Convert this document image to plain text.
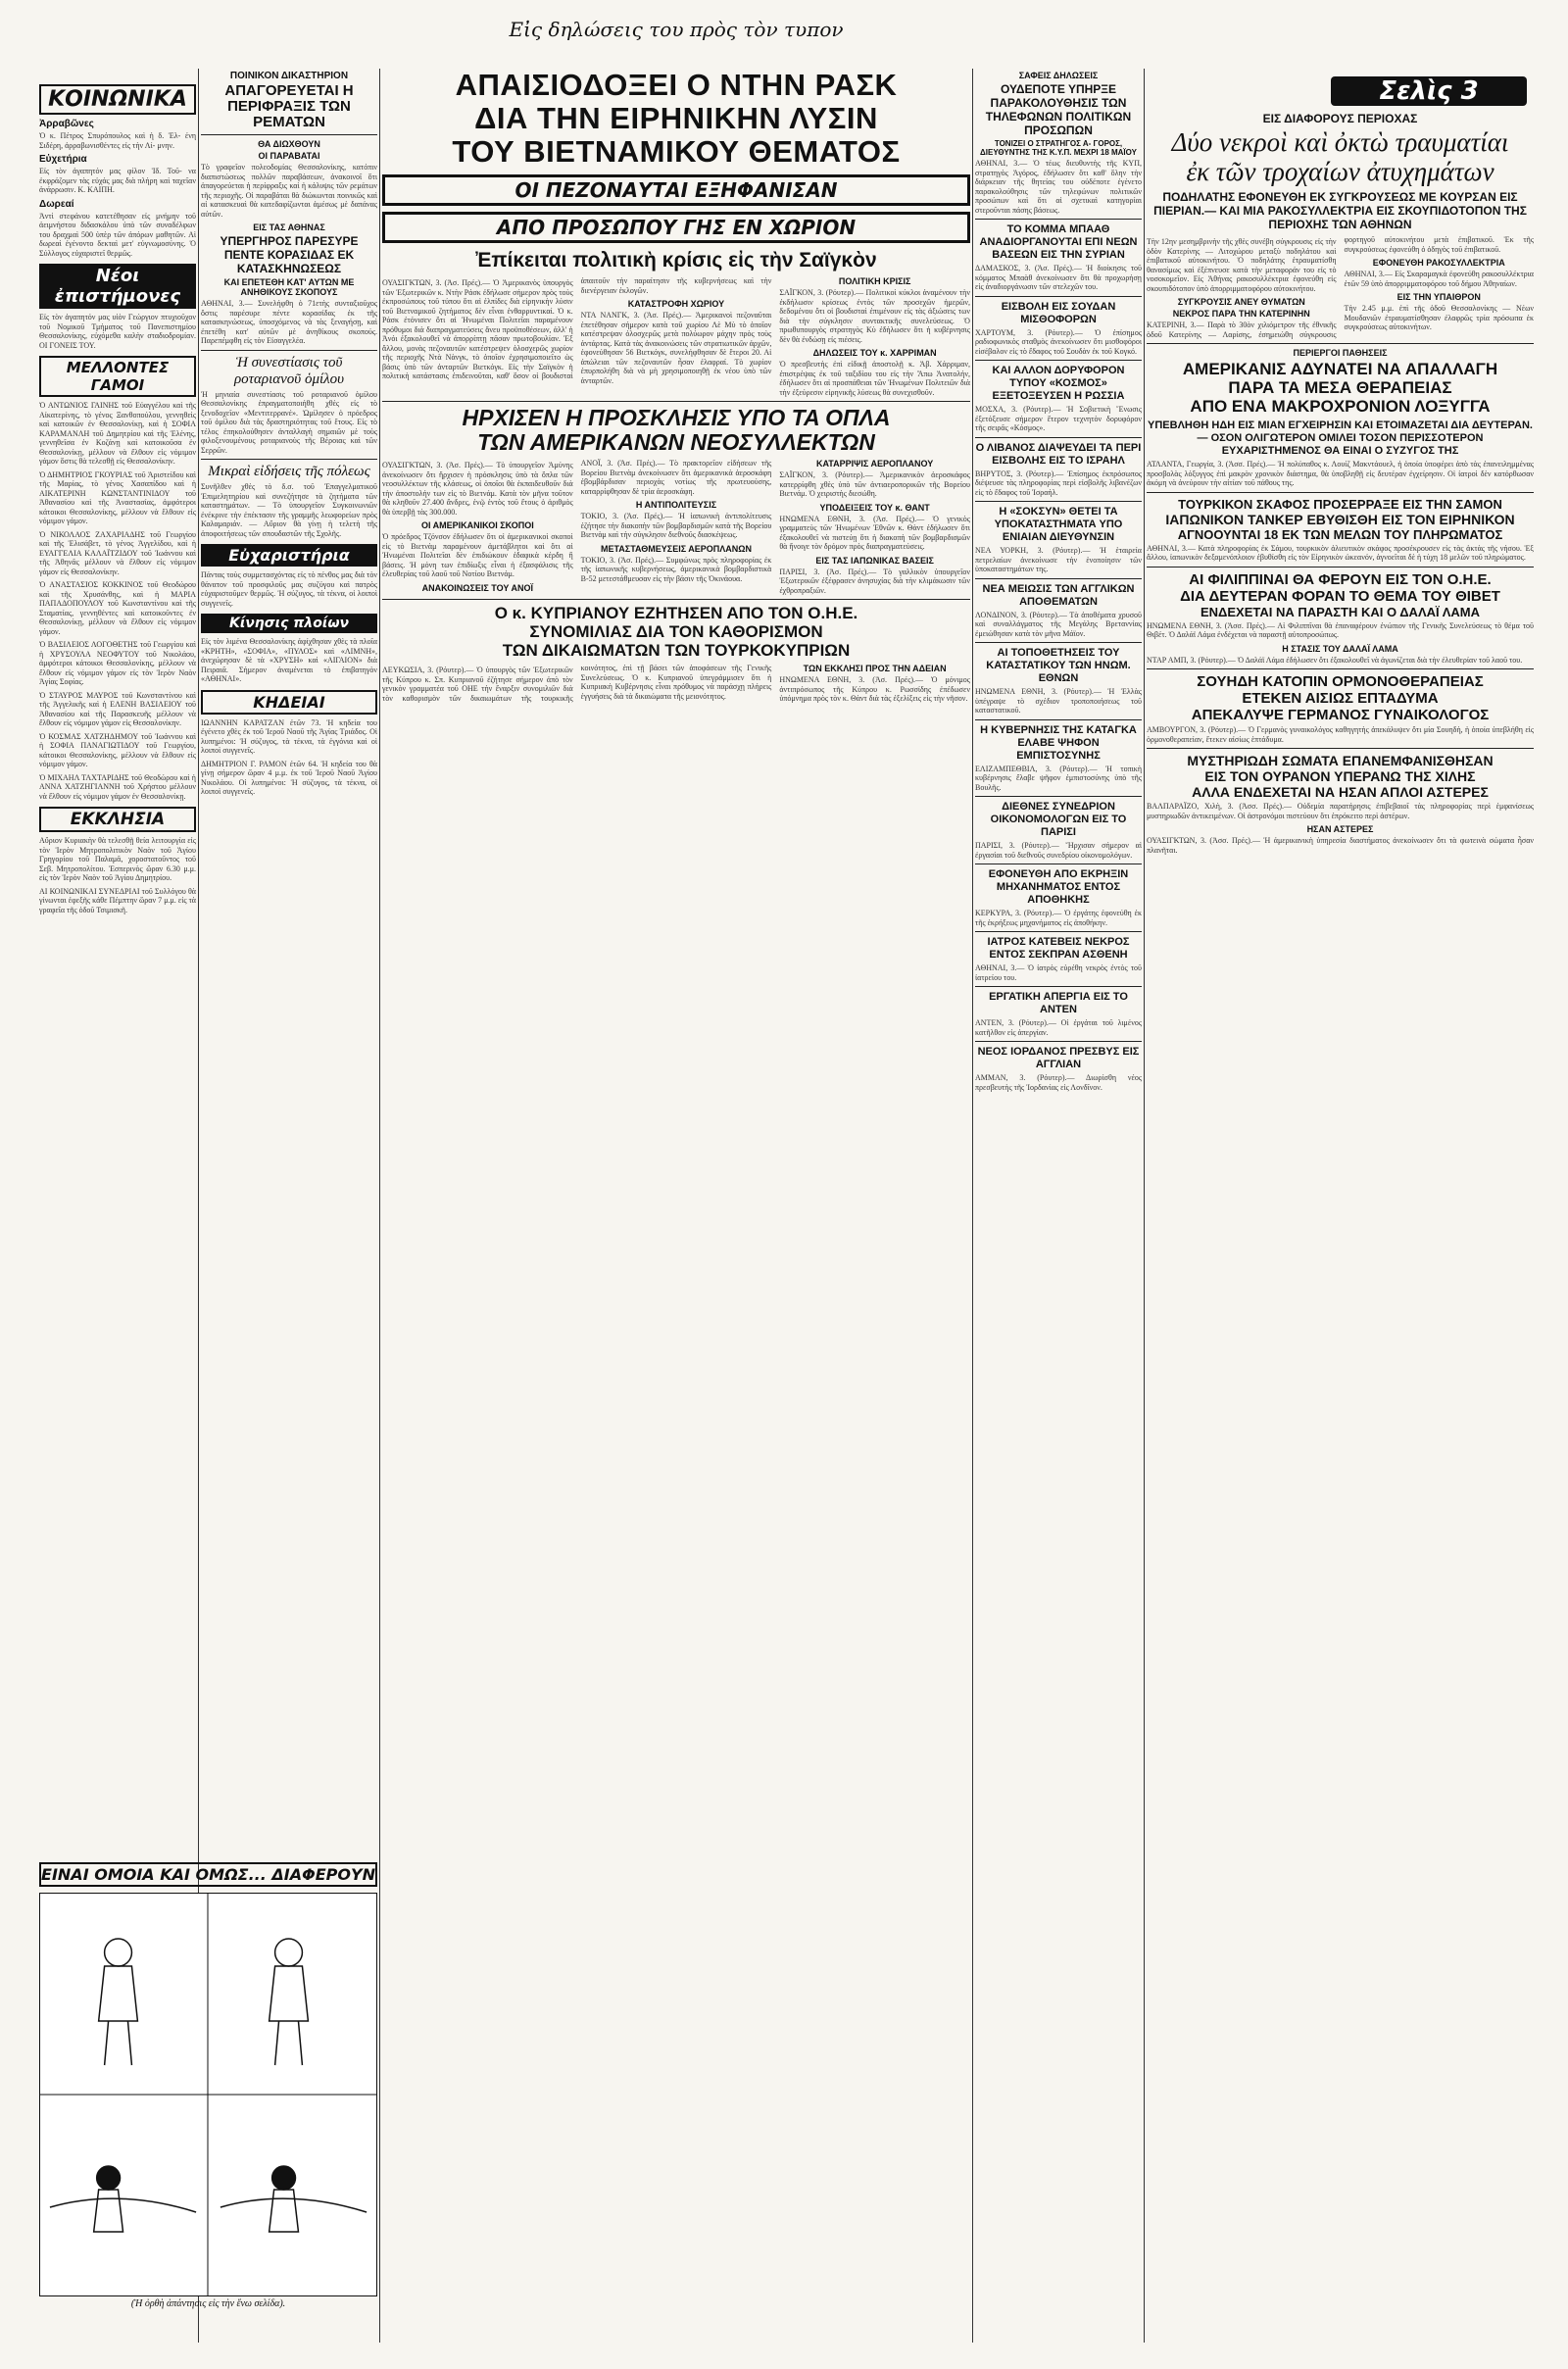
Εἰς δηλώσεις του πρὸς τὸν τυπον
Σελὶς 3
ΚΟΙΝΩΝΙΚΑ
Ἀρραβῶνες

Ὁ κ. Πέτρος Σπυρόπουλος καὶ ἡ δ. Ἐλ- ένη Σιδέρη, ἀρραβωνισθέντες εἰς τὴν Λί- μνην.

Εὐχετήρια

Εἰς τὸν ἀγαπητόν μας φίλον Ἰδ. Τοῦ- να ἐκφράζομεν τὰς εὐχάς μας διὰ πλήρη καὶ ταχεῖαν ἀνάρρωσιν. Κ. ΚΑΙΠΗ.

Δωρεαί

Ἀντὶ στεφάνου κατετέθησαν εἰς μνήμην τοῦ ἀειμνήστου διδασκάλου ὑπὸ τῶν συναδέλφων του δραχμαὶ 500 ὑπὲρ τῶν ἀπόρων μαθητῶν. Αἱ δωρεαὶ ἐγένοντο δεκταὶ μετ' εὐγνωμοσύνης. Ὁ Σύλλογος εὐχαριστεῖ θερμῶς.

Νέοι ἐπιστήμονες

Εἰς τὸν ἀγαπητόν μας υἱὸν Γεώργιον πτυχιοῦχον τοῦ Νομικοῦ Τμήματος τοῦ Πανεπιστημίου Θεσσαλονίκης, εὐχόμεθα καλὴν σταδιοδρομίαν. ΟΙ ΓΟΝΕΙΣ ΤΟΥ.

ΜΕΛΛΟΝΤΕΣ ΓΑΜΟΙ

Ὁ ΑΝΤΩΝΙΟΣ ΓΑΙΝΗΣ τοῦ Εὐαγγέλου καὶ τῆς Αἰκατερίνης, τὸ γένος Ξανθοπούλου, γεννηθεὶς καὶ κατοικῶν ἐν Θεσσαλονίκῃ, καὶ ἡ ΣΟΦΙΑ ΚΑΡΑΜΑΝΛΗ τοῦ Δημητρίου καὶ τῆς Ἑλένης, γεννηθεῖσα ἐν Κοζάνῃ καὶ κατοικοῦσα ἐν Θεσσαλονίκῃ, μέλλουν νὰ ἔλθουν εἰς νόμιμον γάμον ὅστις θὰ τελεσθῇ εἰς Θεσσαλονίκην.

Ὁ ΔΗΜΗΤΡΙΟΣ ΓΚΟΥΡΙΑΣ τοῦ Ἀριστείδου καὶ τῆς Μαρίας, τὸ γένος Χασαπίδου καὶ ἡ ΑΙΚΑΤΕΡΙΝΗ ΚΩΝΣΤΑΝΤΙΝΙΔΟΥ τοῦ Ἀθανασίου καὶ τῆς Ἀναστασίας, ἀμφότεροι κάτοικοι Θεσσαλονίκης, μέλλουν νὰ ἔλθουν εἰς νόμιμον γάμον.

Ὁ ΝΙΚΟΛΑΟΣ ΖΑΧΑΡΙΑΔΗΣ τοῦ Γεωργίου καὶ τῆς Ἑλισάβετ, τὸ γένος Ἀγγελίδου, καὶ ἡ ΕΥΑΓΓΕΛΙΑ ΚΑΛΑΪΤΖΙΔΟΥ τοῦ Ἰωάννου καὶ τῆς Ἀθηνᾶς μέλλουν νὰ ἔλθουν εἰς νόμιμον γάμον εἰς Θεσσαλονίκην.

Ὁ ΑΝΑΣΤΑΣΙΟΣ ΚΟΚΚΙΝΟΣ τοῦ Θεοδώρου καὶ τῆς Χρυσάνθης, καὶ ἡ ΜΑΡΙΑ ΠΑΠΑΔΟΠΟΥΛΟΥ τοῦ Κωνσταντίνου καὶ τῆς Σταματίας, γεννηθέντες καὶ κατοικοῦντες ἐν Θεσσαλονίκῃ, μέλλουν νὰ ἔλθουν εἰς νόμιμον γάμον.

Ὁ ΒΑΣΙΛΕΙΟΣ ΛΟΓΟΘΕΤΗΣ τοῦ Γεωργίου καὶ ἡ ΧΡΥΣΟΥΛΑ ΝΕΟΦΥΤΟΥ τοῦ Νικολάου, ἀμφότεροι κάτοικοι Θεσσαλονίκης, μέλλουν νὰ ἔλθουν εἰς νόμιμον γάμον εἰς τὸν Ἱερὸν Ναὸν Ἁγίας Σοφίας.

Ὁ ΣΤΑΥΡΟΣ ΜΑΥΡΟΣ τοῦ Κωνσταντίνου καὶ τῆς Ἀγγελικῆς καὶ ἡ ΕΛΕΝΗ ΒΑΣΙΛΕΙΟΥ τοῦ Ἀθανασίου καὶ τῆς Παρασκευῆς μέλλουν νὰ ἔλθουν εἰς νόμιμον γάμον εἰς Θεσσαλονίκην.

Ὁ ΚΟΣΜΑΣ ΧΑΤΖΗΔΗΜΟΥ τοῦ Ἰωάννου καὶ ἡ ΣΟΦΙΑ ΠΑΝΑΓΙΩΤΙΔΟΥ τοῦ Γεωργίου, κάτοικοι Θεσσαλονίκης, μέλλουν νὰ ἔλθουν εἰς νόμιμον γάμον.

Ὁ ΜΙΧΑΗΛ ΤΑΧΤΑΡΙΔΗΣ τοῦ Θεοδώρου καὶ ἡ ΑΝΝΑ ΧΑΤΖΗΓΙΑΝΝΗ τοῦ Χρήστου μέλλουν νὰ ἔλθουν εἰς νόμιμον γάμον ἐν Θεσσαλονίκῃ.

ΕΚΚΛΗΣΙΑ

Αὔριον Κυριακὴν θὰ τελεσθῇ θεία λειτουργία εἰς τὸν Ἱερὸν Μητροπολιτικὸν Ναὸν τοῦ Ἁγίου Γρηγορίου τοῦ Παλαμᾶ, χοροστατοῦντος τοῦ Σεβ. Μητροπολίτου. Ἑσπερινὸς ὥραν 6.30 μ.μ. εἰς τὸν Ἱερὸν Ναὸν τοῦ Ἁγίου Δημητρίου.

ΑΙ ΚΟΙΝΩΝΙΚΑΙ ΣΥΝΕΔΡΙΑΙ τοῦ Συλλόγου θὰ γίνωνται ἐφεξῆς κάθε Πέμπτην ὥραν 7 μ.μ. εἰς τὰ γραφεῖα τῆς ὁδοῦ Τσιμισκῆ.

ΕΙΝΑΙ ΟΜΟΙΑ ΚΑΙ ΟΜΩΣ... ΔΙΑΦΕΡΟΥΝ
(Ἡ ὀρθὴ ἀπάντησις εἰς τὴν ἕνω σελίδα).
ΠΟΙΝΙΚΟΝ ΔΙΚΑΣΤΗΡΙΟΝ
ΑΠΑΓΟΡΕΥΕΤΑΙ Η ΠΕΡΙΦΡΑΞΙΣ ΤΩΝ ΡΕΜΑΤΩΝ
ΘΑ ΔΙΩΧΘΟΥΝ
ΟΙ ΠΑΡΑΒΑΤΑΙ

Τὸ γραφεῖον πολεοδομίας Θεσσαλονίκης, κατόπιν διαπιστώσεως πολλῶν παραβάσεων, ἀνακοινοῖ ὅτι ἀπαγορεύεται ἡ περίφραξις καὶ ἡ κάλυψις τῶν ρεμάτων τῆς περιοχῆς. Οἱ παραβάται θὰ διώκωνται ποινικῶς καὶ αἱ κατασκευαὶ θὰ κατεδαφίζωνται ἀμέσως μὲ δαπάνας αὐτῶν.

ΕΙΣ ΤΑΣ ΑΘΗΝΑΣ
ΥΠΕΡΓΗΡΟΣ ΠΑΡΕΣΥΡΕ ΠΕΝΤΕ ΚΟΡΑΣΙΔΑΣ ΕΚ ΚΑΤΑΣΚΗΝΩΣΕΩΣ
ΚΑΙ ΕΠΕΤΕΘΗ ΚΑΤ' ΑΥΤΩΝ ΜΕ ΑΝΗΘΙΚΟΥΣ ΣΚΟΠΟΥΣ

ΑΘΗΝΑΙ, 3.— Συνελήφθη ὁ 71ετὴς συνταξιοῦχος ὅστις παρέσυρε πέντε κορασίδας ἐκ τῆς κατασκηνώσεως, ὑποσχόμενος νὰ τὰς ξεναγήσῃ, καὶ ἐπετέθη κατ' αὐτῶν μὲ ἀνηθίκους σκοπούς. Παρεπέμφθη εἰς τὸν Εἰσαγγελέα.

Ἡ συνεστίασις τοῦ ροταριανοῦ ὁμίλου

Ἡ μηνιαία συνεστίασις τοῦ ροταριανοῦ ὁμίλου Θεσσαλονίκης ἐπραγματοποιήθη χθὲς εἰς τὸ ξενοδοχεῖον «Μεντιτερρανέ». Ὡμίλησεν ὁ πρόεδρος τοῦ ὁμίλου διὰ τὰς δραστηριότητας τοῦ ἔτους. Εἰς τὸ τέλος ἐπηκολούθησεν ἀνταλλαγὴ σημαιῶν μὲ τοὺς φιλοξενουμένους ροταριανοὺς τῆς Βέροιας καὶ τῶν Σερρῶν.

Μικραὶ εἰδήσεις τῆς πόλεως

Συνῆλθεν χθὲς τὸ δ.σ. τοῦ Ἐπαγγελματικοῦ Ἐπιμελητηρίου καὶ συνεζήτησε τὰ ζητήματα τῶν καταστημάτων. — Τὸ ὑπουργεῖον Συγκοινωνιῶν ἐνέκρινε τὴν ἐπέκτασιν τῆς γραμμῆς λεωφορείων πρὸς Καλαμαριάν. — Αὔριον θὰ γίνῃ ἡ τελετὴ τῆς ἀποφοιτήσεως τῶν σπουδαστῶν τῆς Σχολῆς.

Εὐχαριστήρια

Πάντας τοὺς συμμετασχόντας εἰς τὸ πένθος μας διὰ τὸν θάνατον τοῦ προσφιλοῦς μας συζύγου καὶ πατρὸς εὐχαριστοῦμεν θερμῶς. Ἡ σύζυγος, τὰ τέκνα, οἱ λοιποὶ συγγενεῖς.

Κίνησις πλοίων

Εἰς τὸν λιμένα Θεσσαλονίκης ἀφίχθησαν χθὲς τὰ πλοῖα «ΚΡΗΤΗ», «ΣΟΦΙΑ», «ΠΥΛΟΣ» καὶ «ΛΙΜΝΗ», ἀνεχώρησαν δὲ τὰ «ΧΡΥΣΗ» καὶ «ΑΙΓΑΙΟΝ» διὰ Πειραιᾶ. Σήμερον ἀναμένεται τὸ ἐπιβατηγὸν «ΑΘΗΝΑΙ».

ΚΗΔΕΙΑΙ

ΙΩΑΝΝΗΝ ΚΑΡΑΤΖΑΝ ἐτῶν 73. Ἡ κηδεία του ἐγένετο χθὲς ἐκ τοῦ Ἱεροῦ Ναοῦ τῆς Ἁγίας Τριάδος. Οἱ λυπημένοι: Ἡ σύζυγος, τὰ τέκνα, τὰ ἐγγόνια καὶ οἱ λοιποὶ συγγενεῖς.

ΔΗΜΗΤΡΙΟΝ Γ. ΡΑΜΟΝ ἐτῶν 64. Ἡ κηδεία του θὰ γίνῃ σήμερον ὥραν 4 μ.μ. ἐκ τοῦ Ἱεροῦ Ναοῦ Ἁγίου Νικολάου. Οἱ λυπημένοι: Ἡ σύζυγος, τὰ τέκνα, οἱ λοιποὶ συγγενεῖς.

ΑΠΑΙΣΙΟΔΟΞΕΙ Ο ΝΤΗΝ ΡΑΣΚ
ΔΙΑ ΤΗΝ ΕΙΡΗΝΙΚΗΝ ΛΥΣΙΝ
ΤΟΥ ΒΙΕΤΝΑΜΙΚΟΥ ΘΕΜΑΤΟΣ
ΟΙ ΠΕΖΟΝΑΥΤΑΙ ΕΞΗΦΑΝΙΣΑΝ
ΑΠΟ ΠΡΟΣΩΠΟΥ ΓΗΣ ΕΝ ΧΩΡΙΟΝ
Ἐπίκειται πολιτικὴ κρίσις εἰς τὴν Σαϊγκὸν

ΟΥΑΣΙΓΚΤΩΝ, 3. (Ἀσ. Πρές).— Ὁ Ἀμερικανὸς ὑπουργὸς τῶν Ἐξωτερικῶν κ. Ντὴν Ράσκ ἐδήλωσε σήμερον πρὸς τοὺς ἐκπροσώπους τοῦ τύπου ὅτι αἱ ἐλπίδες διὰ εἰρηνικὴν λύσιν τοῦ Βιετναμικοῦ ζητήματος δὲν εἶναι ἐνθαρρυντικαί. Ὁ κ. Ράσκ ἐτόνισεν ὅτι αἱ Ἡνωμέναι Πολιτεῖαι παραμένουν πρόθυμοι διὰ διαπραγματεύσεις ἄνευ προϋποθέσεων, ἀλλ' ἡ Ἀνόι ἐξακολουθεῖ νὰ ἀπορρίπτῃ πᾶσαν πρωτοβουλίαν. Ἐξ ἄλλου, μονὰς πεζοναυτῶν κατέστρεψεν ὁλοσχερῶς χωρίον τῆς περιοχῆς Ντὰ Νὰνγκ, τὸ ὁποῖον ἐχρησιμοποιεῖτο ὡς βάσις ὑπὸ τῶν ἀνταρτῶν Βιετκόγκ. Εἰς τὴν Σαϊγκὸν ἡ πολιτικὴ κατάστασις ἐπιδεινοῦται, καθ' ὅσον οἱ βουδισταὶ ἀπαιτοῦν τὴν παραίτησιν τῆς κυβερνήσεως καὶ τὴν διενέργειαν ἐκλογῶν.

ΚΑΤΑΣΤΡΟΦΗ ΧΩΡΙΟΥ

ΝΤΑ ΝΑΝΓΚ, 3. (Ἀσ. Πρές).— Ἀμερικανοὶ πεζοναῦται ἐπετέθησαν σήμερον κατὰ τοῦ χωρίου Λὲ Μὺ τὸ ὁποῖον κατέστρεψαν ὁλοσχερῶς μετὰ πολύωρον μάχην πρὸς τοὺς ἀντάρτας. Κατὰ τὰς ἀνακοινώσεις τῶν στρατιωτικῶν ἀρχῶν, ἐφονεύθησαν 56 Βιετκόγκ, συνελήφθησαν δὲ ἕτεροι 20. Αἱ ἀπώλειαι τῶν πεζοναυτῶν ἦσαν ἐλαφραί. Τὸ χωρίον ἐπυρπολήθη διὰ νὰ μὴ χρησιμοποιηθῇ ἐκ νέου ὑπὸ τῶν ἀνταρτῶν.

ΠΟΛΙΤΙΚΗ ΚΡΙΣΙΣ

ΣΑΪΓΚΟΝ, 3. (Ρόυτερ).— Πολιτικοὶ κύκλοι ἀναμένουν τὴν ἐκδήλωσιν κρίσεως ἐντὸς τῶν προσεχῶν ἡμερῶν, δεδομένου ὅτι οἱ βουδισταὶ ἐπιμένουν εἰς τὰς ἀξιώσεις των διὰ τὴν σύγκλησιν συντακτικῆς συνελεύσεως. Ὁ πρωθυπουργὸς στρατηγὸς Κὺ ἐδήλωσεν ὅτι ἡ κυβέρνησις δὲν θὰ ἐνδώσῃ εἰς πιέσεις.

ΔΗΛΩΣΕΙΣ ΤΟΥ κ. ΧΑΡΡΙΜΑΝ

Ὁ πρεσβευτὴς ἐπὶ εἰδικῇ ἀποστολῇ κ. Ἀβ. Χάρριμαν, ἐπιστρέψας ἐκ τοῦ ταξιδίου του εἰς τὴν Ἄπω Ἀνατολήν, ἐδήλωσεν ὅτι αἱ προσπάθειαι τῶν Ἡνωμένων Πολιτειῶν διὰ τὴν ἐξεύρεσιν εἰρηνικῆς λύσεως θὰ συνεχισθοῦν.

ΗΡΧΙΣΕΝ Η ΠΡΟΣΚΛΗΣΙΣ ΥΠΟ ΤΑ ΟΠΛΑ
ΤΩΝ ΑΜΕΡΙΚΑΝΩΝ ΝΕΟΣΥΛΛΕΚΤΩΝ

ΟΥΑΣΙΓΚΤΩΝ, 3. (Ἀσ. Πρές).— Τὸ ὑπουργεῖον Ἀμύνης ἀνεκοίνωσεν ὅτι ἤρχισεν ἡ πρόσκλησις ὑπὸ τὰ ὅπλα τῶν νεοσυλλέκτων τῆς κλάσεως, οἱ ὁποῖοι θὰ ἐκπαιδευθοῦν διὰ τὴν ἀποστολήν των εἰς τὸ Βιετνάμ. Κατὰ τὸν μῆνα τοῦτον θὰ κληθοῦν 27.400 ἄνδρες, ἐνῷ ἐντὸς τοῦ ἔτους ὁ ἀριθμὸς θὰ ὑπερβῇ τὰς 300.000.

ΟΙ ΑΜΕΡΙΚΑΝΙΚΟΙ ΣΚΟΠΟΙ

Ὁ πρόεδρος Τζόνσον ἐδήλωσεν ὅτι οἱ ἀμερικανικοὶ σκοποὶ εἰς τὸ Βιετνὰμ παραμένουν ἀμετάβλητοι καὶ ὅτι αἱ Ἡνωμέναι Πολιτεῖαι δὲν ἐπιδιώκουν ἐδαφικὰ κέρδη ἢ βάσεις. Ἡ μόνη των ἐπιδίωξις εἶναι ἡ ἐξασφάλισις τῆς ἐλευθερίας τοῦ λαοῦ τοῦ Νοτίου Βιετνάμ.

ΑΝΑΚΟΙΝΩΣΕΙΣ ΤΟΥ ΑΝΟΪ

ΑΝΟΪ, 3. (Ἀσ. Πρές).— Τὸ πρακτορεῖον εἰδήσεων τῆς Βορείου Βιετνὰμ ἀνεκοίνωσεν ὅτι ἀμερικανικὰ ἀεροσκάφη ἐβομβάρδισαν περιοχὰς νοτίως τῆς πρωτευούσης, καταρρίφθησαν δὲ τρία ἀεροσκάφη.

Η ΑΝΤΙΠΟΛΙΤΕΥΣΙΣ

ΤΟΚΙΟ, 3. (Ἀσ. Πρές).— Ἡ ἰαπωνικὴ ἀντιπολίτευσις ἐζήτησε τὴν διακοπὴν τῶν βομβαρδισμῶν κατὰ τῆς Βορείου Βιετνὰμ καὶ τὴν σύγκλησιν διεθνοῦς διασκέψεως.

ΜΕΤΑΣΤΑΘΜΕΥΣΕΙΣ ΑΕΡΟΠΛΑΝΩΝ

ΤΟΚΙΟ, 3. (Ἀσ. Πρές).— Συμφώνως πρὸς πληροφορίας ἐκ τῆς ἰαπωνικῆς κυβερνήσεως, ἀμερικανικὰ βομβαρδιστικὰ Β-52 μετεστάθμευσαν εἰς τὴν βάσιν τῆς Ὀκινάουα.

ΚΑΤΑΡΡΙΨΙΣ ΑΕΡΟΠΛΑΝΟΥ

ΣΑΪΓΚΟΝ, 3. (Ρόυτερ).— Ἀμερικανικὸν ἀεροσκάφος κατερρίφθη χθὲς ὑπὸ τῶν ἀντιαεροπορικῶν τῆς Βορείου Βιετνάμ. Ὁ χειριστὴς διεσώθη.

ΥΠΟΔΕΙΞΕΙΣ ΤΟΥ κ. ΘΑΝΤ

ΗΝΩΜΕΝΑ ΕΘΝΗ, 3. (Ἀσ. Πρές).— Ὁ γενικὸς γραμματεὺς τῶν Ἡνωμένων Ἐθνῶν κ. Θὰντ ἐδήλωσεν ὅτι ἐξακολουθεῖ νὰ πιστεύῃ ὅτι ἡ διακοπὴ τῶν βομβαρδισμῶν θὰ ἤνοιγε τὸν δρόμον πρὸς διαπραγματεύσεις.

ΕΙΣ ΤΑΣ ΙΑΠΩΝΙΚΑΣ ΒΑΣΕΙΣ

ΠΑΡΙΣΙ, 3. (Ἀσ. Πρές).— Τὸ γαλλικὸν ὑπουργεῖον Ἐξωτερικῶν ἐξέφρασεν ἀνησυχίας διὰ τὴν κλιμάκωσιν τῶν ἐχθροπραξιῶν.

Ο κ. ΚΥΠΡΙΑΝΟΥ ΕΖΗΤΗΣΕΝ ΑΠΟ ΤΟΝ Ο.Η.Ε.
ΣΥΝΟΜΙΛΙΑΣ ΔΙΑ ΤΟΝ ΚΑΘΟΡΙΣΜΟΝ
ΤΩΝ ΔΙΚΑΙΩΜΑΤΩΝ ΤΩΝ ΤΟΥΡΚΟΚΥΠΡΙΩΝ

ΛΕΥΚΩΣΙΑ, 3. (Ρόυτερ).— Ὁ ὑπουργὸς τῶν Ἐξωτερικῶν τῆς Κύπρου κ. Σπ. Κυπριανοῦ ἐζήτησε σήμερον ἀπὸ τὸν γενικὸν γραμματέα τοῦ ΟΗΕ τὴν ἔναρξιν συνομιλιῶν διὰ τὸν καθορισμὸν τῶν δικαιωμάτων τῆς τουρκικῆς κοινότητος, ἐπὶ τῇ βάσει τῶν ἀποφάσεων τῆς Γενικῆς Συνελεύσεως. Ὁ κ. Κυπριανοῦ ὑπεγράμμισεν ὅτι ἡ Κυπριακὴ Κυβέρνησις εἶναι πρόθυμος νὰ παράσχῃ πλήρεις ἐγγυήσεις διὰ τὰ δικαιώματα τῆς μειονότητος.

ΤΩΝ ΕΚΚΛΗΣΙ ΠΡΟΣ ΤΗΝ ΑΔΕΙΑΝ

ΗΝΩΜΕΝΑ ΕΘΝΗ, 3. (Ἀσ. Πρές).— Ὁ μόνιμος ἀντιπρόσωπος τῆς Κύπρου κ. Ρωσσίδης ἐπέδωσεν ὑπόμνημα πρὸς τὸν κ. Θὰντ διὰ τὰς ἐξελίξεις εἰς τὴν νῆσον.

ΣΑΦΕΙΣ ΔΗΛΩΣΕΙΣ
ΟΥΔΕΠΟΤΕ ΥΠΗΡΞΕ ΠΑΡΑΚΟΛΟΥΘΗΣΙΣ ΤΩΝ ΤΗΛΕΦΩΝΩΝ ΠΟΛΙΤΙΚΩΝ ΠΡΟΣΩΠΩΝ
ΤΟΝΙΖΕΙ Ο ΣΤΡΑΤΗΓΟΣ Α- ΓΟΡΟΣ, ΔΙΕΥΘΥΝΤΗΣ ΤΗΣ Κ.Υ.Π. ΜΕΧΡΙ 18 ΜΑΪΟΥ

ΑΘΗΝΑΙ, 3.— Ὁ τέως διευθυντὴς τῆς ΚΥΠ, στρατηγὸς Ἀγόρος, ἐδήλωσεν ὅτι καθ' ὅλην τὴν διάρκειαν τῆς θητείας του οὐδέποτε ἐγένετο παρακολούθησις τῶν τηλεφώνων πολιτικῶν προσώπων καὶ ὅτι αἱ σχετικαὶ κατηγορίαι στεροῦνται πάσης βάσεως.

ΤΟ ΚΟΜΜΑ ΜΠΑΑΘ ΑΝΑΔΙΟΡΓΑΝΟΥΤΑΙ ΕΠΙ ΝΕΩΝ ΒΑΣΕΩΝ ΕΙΣ ΤΗΝ ΣΥΡΙΑΝ

ΔΑΜΑΣΚΟΣ, 3. (Ἀσ. Πρές).— Ἡ διοίκησις τοῦ κόμματος Μπαὰθ ἀνεκοίνωσεν ὅτι θὰ προχωρήσῃ εἰς ἀναδιοργάνωσιν τῶν στελεχῶν του.

ΕΙΣΒΟΛΗ ΕΙΣ ΣΟΥΔΑΝ ΜΙΣΘΟΦΟΡΩΝ

ΧΑΡΤΟΥΜ, 3. (Ρόυτερ).— Ὁ ἐπίσημος ραδιοφωνικὸς σταθμὸς ἀνεκοίνωσεν ὅτι μισθοφόροι εἰσέβαλον εἰς τὸ ἔδαφος τοῦ Σουδὰν ἐκ τοῦ Κογκό.

ΚΑΙ ΑΛΛΟΝ ΔΟΡΥΦΟΡΟΝ ΤΥΠΟΥ «ΚΟΣΜΟΣ» ΕΞΕΤΟΞΕΥΣΕΝ Η ΡΩΣΣΙΑ

ΜΟΣΧΑ, 3. (Ρόυτερ).— Ἡ Σοβιετικὴ Ἕνωσις ἐξετόξευσε σήμερον ἕτερον τεχνητὸν δορυφόρον τῆς σειρᾶς «Κόσμος».

Ο ΛΙΒΑΝΟΣ ΔΙΑΨΕΥΔΕΙ ΤΑ ΠΕΡΙ ΕΙΣΒΟΛΗΣ ΕΙΣ ΤΟ ΙΣΡΑΗΛ

ΒΗΡΥΤΟΣ, 3. (Ρόυτερ).— Ἐπίσημος ἐκπρόσωπος διέψευσε τὰς πληροφορίας περὶ εἰσβολῆς λιβανέζων εἰς τὸ ἔδαφος τοῦ Ἰσραήλ.

Η «ΣΟΚΣΥΝ» ΘΕΤΕΙ ΤΑ ΥΠΟΚΑΤΑΣΤΗΜΑΤΑ ΥΠΟ ΕΝΙΑΙΑΝ ΔΙΕΥΘΥΝΣΙΝ

ΝΕΑ ΥΟΡΚΗ, 3. (Ρόυτερ).— Ἡ ἑταιρεία πετρελαίων ἀνεκοίνωσε τὴν ἑνοποίησιν τῶν ὑποκαταστημάτων της.

ΝΕΑ ΜΕΙΩΣΙΣ ΤΩΝ ΑΓΓΛΙΚΩΝ ΑΠΟΘΕΜΑΤΩΝ

ΛΟΝΔΙΝΟΝ, 3. (Ρόυτερ).— Τὰ ἀποθέματα χρυσοῦ καὶ συναλλάγματος τῆς Μεγάλης Βρεταννίας ἐμειώθησαν κατὰ τὸν μῆνα Μάϊον.

ΑΙ ΤΟΠΟΘΕΤΗΣΕΙΣ ΤΟΥ ΚΑΤΑΣΤΑΤΙΚΟΥ ΤΩΝ ΗΝΩΜ. ΕΘΝΩΝ

ΗΝΩΜΕΝΑ ΕΘΝΗ, 3. (Ρόυτερ).— Ἡ Ἑλλὰς ὑπέγραψε τὸ σχέδιον τροποποιήσεως τοῦ καταστατικοῦ.

Η ΚΥΒΕΡΝΗΣΙΣ ΤΗΣ ΚΑΤΑΓΚΑ ΕΛΑΒΕ ΨΗΦΟΝ ΕΜΠΙΣΤΟΣΥΝΗΣ

ΕΛΙΖΑΜΠΕΘΒΙΛ, 3. (Ρόυτερ).— Ἡ τοπικὴ κυβέρνησις ἔλαβε ψῆφον ἐμπιστοσύνης ὑπὸ τῆς Βουλῆς.

ΔΙΕΘΝΕΣ ΣΥΝΕΔΡΙΟΝ ΟΙΚΟΝΟΜΟΛΟΓΩΝ ΕΙΣ ΤΟ ΠΑΡΙΣΙ

ΠΑΡΙΣΙ, 3. (Ρόυτερ).— Ἤρχισαν σήμερον αἱ ἐργασίαι τοῦ διεθνοῦς συνεδρίου οἰκονομολόγων.

ΕΦΟΝΕΥΘΗ ΑΠΟ ΕΚΡΗΞΙΝ ΜΗΧΑΝΗΜΑΤΟΣ ΕΝΤΟΣ ΑΠΟΘΗΚΗΣ

ΚΕΡΚΥΡΑ, 3. (Ρόυτερ).— Ὁ ἐργάτης ἐφονεύθη ἐκ τῆς ἐκρήξεως μηχανήματος εἰς ἀποθήκην.

ΙΑΤΡΟΣ ΚΑΤΕΒΕΙΣ ΝΕΚΡΟΣ ΕΝΤΟΣ ΣΕΚΠΡΑΝ ΑΣΘΕΝΗ

ΑΘΗΝΑΙ, 3.— Ὁ ἰατρὸς εὑρέθη νεκρὸς ἐντὸς τοῦ ἰατρείου του.

ΕΡΓΑΤΙΚΗ ΑΠΕΡΓΙΑ ΕΙΣ ΤΟ ΑΝΤΕΝ

ΑΝΤΕΝ, 3. (Ρόυτερ).— Οἱ ἐργάται τοῦ λιμένος κατῆλθον εἰς ἀπεργίαν.

ΝΕΟΣ ΙΟΡΔΑΝΟΣ ΠΡΕΣΒΥΣ ΕΙΣ ΑΓΓΛΙΑΝ

ΑΜΜΑΝ, 3. (Ρόυτερ).— Διωρίσθη νέος πρεσβευτὴς τῆς Ἰορδανίας εἰς Λονδῖνον.

ΕΙΣ ΔΙΑΦΟΡΟΥΣ ΠΕΡΙΟΧΑΣ
Δύο νεκροὶ καὶ ὀκτὼ τραυματίαι
ἐκ τῶν τροχαίων ἀτυχημάτων
ΠΟΔΗΛΑΤΗΣ ΕΦΟΝΕΥΘΗ ΕΚ ΣΥΓΚΡΟΥΣΕΩΣ ΜΕ ΚΟΥΡΣΑΝ ΕΙΣ ΠΙΕΡΙΑΝ.— ΚΑΙ ΜΙΑ ΡΑΚΟΣΥΛΛΕΚΤΡΙΑ ΕΙΣ ΣΚΟΥΠΙΔΟΤΟΠΟΝ ΤΗΣ ΠΕΡΙΟΧΗΣ ΤΩΝ ΑΘΗΝΩΝ

Τὴν 12ην μεσημβρινὴν τῆς χθὲς συνέβη σύγκρουσις εἰς τὴν ὁδὸν Κατερίνης — Λιτοχώρου μεταξὺ ποδηλάτου καὶ ἐπιβατικοῦ αὐτοκινήτου. Ὁ ποδηλάτης ἐτραυματίσθη θανασίμως καὶ ἐξέπνευσε κατὰ τὴν μεταφοράν του εἰς τὸ νοσοκομεῖον. Εἰς Ἀθήνας ρακοσυλλέκτρια ἐφονεύθη εἰς σκουπιδότοπον ὑπὸ ἀπορριμματοφόρου αὐτοκινήτου.

ΣΥΓΚΡΟΥΣΙΣ ΑΝΕΥ ΘΥΜΑΤΩΝ
ΝΕΚΡΟΣ ΠΑΡΑ ΤΗΝ ΚΑΤΕΡΙΝΗΝ

ΚΑΤΕΡΙΝΗ, 3.— Παρὰ τὸ 30ὸν χιλιόμετρον τῆς ἐθνικῆς ὁδοῦ Κατερίνης — Λαρίσης, ἐσημειώθη σύγκρουσις φορτηγοῦ αὐτοκινήτου μετὰ ἐπιβατικοῦ. Ἐκ τῆς συγκρούσεως ἐφονεύθη ὁ ὁδηγὸς τοῦ ἐπιβατικοῦ.

ΕΦΟΝΕΥΘΗ ΡΑΚΟΣΥΛΛΕΚΤΡΙΑ

ΑΘΗΝΑΙ, 3.— Εἰς Σκαραμαγκὰ ἐφονεύθη ρακοσυλλέκτρια ἐτῶν 59 ὑπὸ ἀπορριμματοφόρου τοῦ δήμου Ἀθηναίων.

ΕΙΣ ΤΗΝ ΥΠΑΙΘΡΟΝ

Τὴν 2.45 μ.μ. ἐπὶ τῆς ὁδοῦ Θεσσαλονίκης — Νέων Μουδανιῶν ἐτραυματίσθησαν ἐλαφρῶς τρία πρόσωπα ἐκ συγκρούσεως αὐτοκινήτων.

ΠΕΡΙΕΡΓΟΙ ΠΑΘΗΣΕΙΣ
ΑΜΕΡΙΚΑΝΙΣ ΑΔΥΝΑΤΕΙ ΝΑ ΑΠΑΛΛΑΓΗ
ΠΑΡΑ ΤΑ ΜΕΣΑ ΘΕΡΑΠΕΙΑΣ
ΑΠΟ ΕΝΑ ΜΑΚΡΟΧΡΟΝΙΟΝ ΛΟΞΥΓΓΑ
ΥΠΕΒΛΗΘΗ ΗΔΗ ΕΙΣ ΜΙΑΝ ΕΓΧΕΙΡΗΣΙΝ ΚΑΙ ΕΤΟΙΜΑΖΕΤΑΙ ΔΙΑ ΔΕΥΤΕΡΑΝ.— ΟΣΟΝ ΟΛΙΓΩΤΕΡΟΝ ΟΜΙΛΕΙ ΤΟΣΟΝ ΠΕΡΙΣΣΟΤΕΡΟΝ ΕΥΧΑΡΙΣΤΗΜΕΝΟΣ ΘΑ ΕΙΝΑΙ Ο ΣΥΖΥΓΟΣ ΤΗΣ

ΑΤΛΑΝΤΑ, Γεωργία, 3. (Ἀσσ. Πρές).— Ἡ πολύπαθος κ. Λουίζ Μακντάουελ, ἡ ὁποία ὑποφέρει ἀπὸ τὰς ἐπανειλημμένας προσβολὰς λόξυγγος ἐπὶ μακρὸν χρονικὸν διάστημα, θὰ ὑποβληθῇ εἰς δευτέραν ἐγχείρησιν. Οἱ ἰατροὶ δὲν κατόρθωσαν ἀκόμη νὰ ἀνεύρουν τὴν αἰτίαν τοῦ πάθους της.

ΤΟΥΡΚΙΚΟΝ ΣΚΑΦΟΣ ΠΡΟΣΕΡΡΑΞΕ ΕΙΣ ΤΗΝ ΣΑΜΟΝ
ΙΑΠΩΝΙΚΟΝ ΤΑΝΚΕΡ ΕΒΥΘΙΣΘΗ ΕΙΣ ΤΟΝ ΕΙΡΗΝΙΚΟΝ
ΑΓΝΟΟΥΝΤΑΙ 18 ΕΚ ΤΩΝ ΜΕΛΩΝ ΤΟΥ ΠΛΗΡΩΜΑΤΟΣ

ΑΘΗΝΑΙ, 3.— Κατὰ πληροφορίας ἐκ Σάμου, τουρκικὸν ἁλιευτικὸν σκάφος προσέκρουσεν εἰς τὰς ἀκτὰς τῆς νήσου. Ἐξ ἄλλου, ἰαπωνικὸν δεξαμενόπλοιον ἐβυθίσθη εἰς τὸν Εἰρηνικὸν ὠκεανόν, ἀγνοεῖται δὲ ἡ τύχη 18 μελῶν τοῦ πληρώματος.

ΑΙ ΦΙΛΙΠΠΙΝΑΙ ΘΑ ΦΕΡΟΥΝ ΕΙΣ ΤΟΝ Ο.Η.Ε.
ΔΙΑ ΔΕΥΤΕΡΑΝ ΦΟΡΑΝ ΤΟ ΘΕΜΑ ΤΟΥ ΘΙΒΕΤ
ΕΝΔΕΧΕΤΑΙ ΝΑ ΠΑΡΑΣΤΗ ΚΑΙ Ο ΔΑΛΑΪ ΛΑΜΑ

ΗΝΩΜΕΝΑ ΕΘΝΗ, 3. (Ἀσσ. Πρές).— Αἱ Φιλιππῖναι θὰ ἐπαναφέρουν ἐνώπιον τῆς Γενικῆς Συνελεύσεως τὸ θέμα τοῦ Θιβέτ. Ὁ Δαλάϊ Λάμα ἐνδέχεται νὰ παραστῇ αὐτοπροσώπως.

Η ΣΤΑΣΙΣ ΤΟΥ ΔΑΛΑΪ ΛΑΜΑ

ΝΤΑΡ ΑΜΠ, 3. (Ρόυτερ).— Ὁ Δαλάϊ Λάμα ἐδήλωσεν ὅτι ἐξακολουθεῖ νὰ ἀγωνίζεται διὰ τὴν ἐλευθερίαν τοῦ λαοῦ του.

ΣΟΥΗΔΗ ΚΑΤΟΠΙΝ ΟΡΜΟΝΟΘΕΡΑΠΕΙΑΣ
ΕΤΕΚΕΝ ΑΙΣΙΩΣ ΕΠΤΑΔΥΜΑ
ΑΠΕΚΑΛΥΨΕ ΓΕΡΜΑΝΟΣ ΓΥΝΑΙΚΟΛΟΓΟΣ

ΑΜΒΟΥΡΓΟΝ, 3. (Ρόυτερ).— Ὁ Γερμανὸς γυναικολόγος καθηγητὴς ἀπεκάλυψεν ὅτι μία Σουηδὴ, ἡ ὁποία ὑπεβλήθη εἰς ὁρμονοθεραπείαν, ἔτεκεν αἰσίως ἑπτάδυμα.

ΜΥΣΤΗΡΙΩΔΗ ΣΩΜΑΤΑ ΕΠΑΝΕΜΦΑΝΙΣΘΗΣΑΝ
ΕΙΣ ΤΟΝ ΟΥΡΑΝΟΝ ΥΠΕΡΑΝΩ ΤΗΣ ΧΙΛΗΣ
ΑΛΛΑ ΕΝΔΕΧΕΤΑΙ ΝΑ ΗΣΑΝ ΑΠΛΟΙ ΑΣΤΕΡΕΣ

ΒΑΛΠΑΡΑΪΖΟ, Χιλὴ, 3. (Ἀσσ. Πρές).— Οὐδεμία παρατήρησις ἐπιβεβαιοῖ τὰς πληροφορίας περὶ ἐμφανίσεως μυστηριωδῶν ἀντικειμένων. Οἱ ἀστρονόμοι πιστεύουν ὅτι ἐπρόκειτο περὶ ἀστέρων.

ΗΣΑΝ ΑΣΤΕΡΕΣ

ΟΥΑΣΙΓΚΤΩΝ, 3. (Ἀσσ. Πρές).— Ἡ ἀμερικανικὴ ὑπηρεσία διαστήματος ἀνεκοίνωσεν ὅτι τὰ φωτεινὰ σώματα ἦσαν πλανῆται.
